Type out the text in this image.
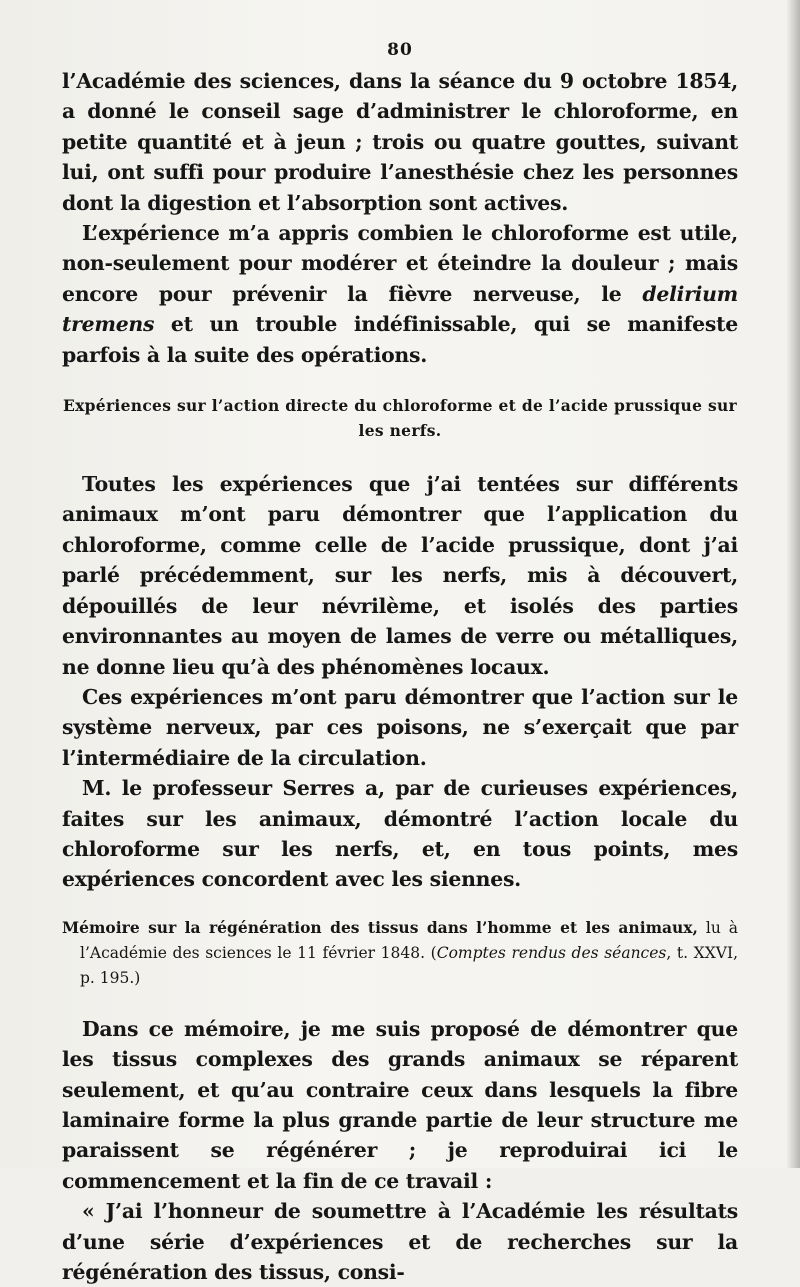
80

l’Académie des sciences, dans la séance du 9 octobre 1854, a donné le conseil sage d’administrer le chloroforme, en petite quantité et à jeun ; trois ou quatre gouttes, suivant lui, ont suffi pour produire l’anesthésie chez les personnes dont la digestion et l’absorption sont actives.

L’expérience m’a appris combien le chloroforme est utile, non-seulement pour modérer et éteindre la douleur ; mais encore pour prévenir la fièvre nerveuse, le delirium tremens et un trouble indéfinissable, qui se manifeste parfois à la suite des opérations.

Expériences sur l’action directe du chloroforme et de l’acide prussique sur les nerfs.

Toutes les expériences que j’ai tentées sur différents animaux m’ont paru démontrer que l’application du chloroforme, comme celle de l’acide prussique, dont j’ai parlé précédemment, sur les nerfs, mis à découvert, dépouillés de leur névrilème, et isolés des parties environnantes au moyen de lames de verre ou métalliques, ne donne lieu qu’à des phénomènes locaux.

Ces expériences m’ont paru démontrer que l’action sur le système nerveux, par ces poisons, ne s’exerçait que par l’intermédiaire de la circulation.

M. le professeur Serres a, par de curieuses expériences, faites sur les animaux, démontré l’action locale du chloroforme sur les nerfs, et, en tous points, mes expériences concordent avec les siennes.

Mémoire sur la régénération des tissus dans l’homme et les animaux, lu à l’Académie des sciences le 11 février 1848. (Comptes rendus des séances, t. XXVI, p. 195.)

Dans ce mémoire, je me suis proposé de démontrer que les tissus complexes des grands animaux se réparent seulement, et qu’au contraire ceux dans lesquels la fibre laminaire forme la plus grande partie de leur structure me paraissent se régénérer ; je reproduirai ici le commencement et la fin de ce travail :

« J’ai l’honneur de soumettre à l’Académie les résultats d’une série d’expériences et de recherches sur la régénération des tissus, consi-
